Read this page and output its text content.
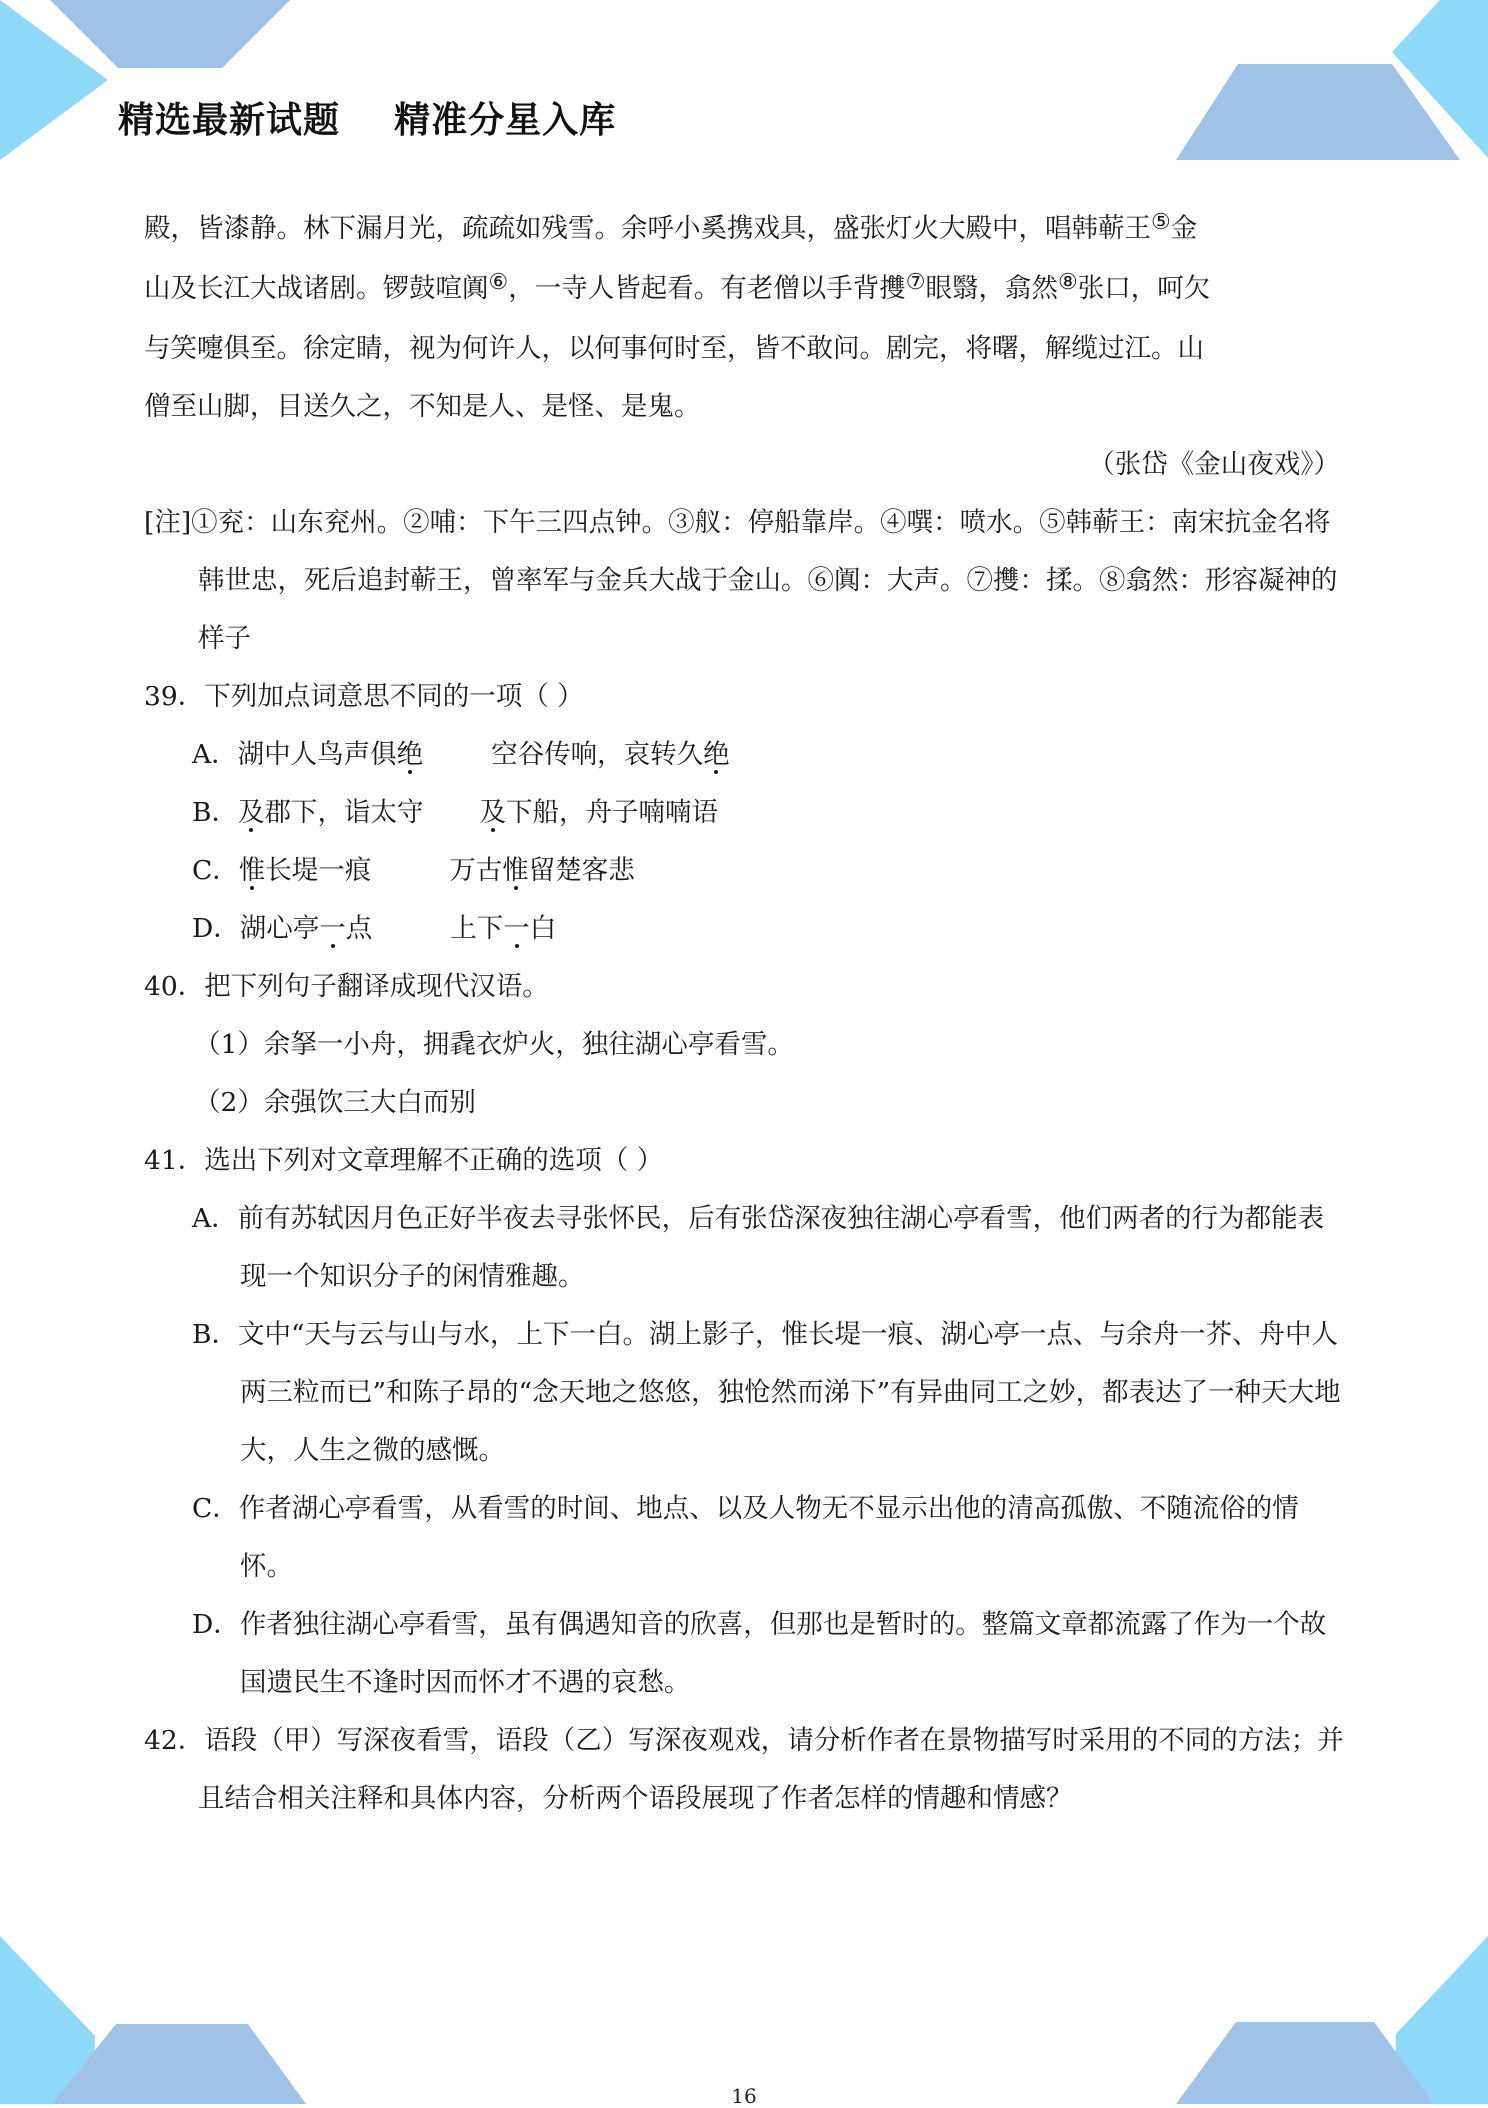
精选最新试题    精准分星入库

殿，皆漆静。林下漏月光，疏疏如残雪。余呼小奚携戏具，盛张灯火大殿中，唱韩蕲王⑤金

山及长江大战诸剧。锣鼓喧阗⑥，一寺人皆起看。有老僧以手背㩳⑦眼翳，翕然⑧张口，呵欠

与笑嚏俱至。徐定睛，视为何许人，以何事何时至，皆不敢问。剧完，将曙，解缆过江。山

僧至山脚，目送久之，不知是人、是怪、是鬼。

（张岱《金山夜戏》）

[注]①兖：山东兖州。②哺：下午三四点钟。③舣：停船靠岸。④噀：喷水。⑤韩蕲王：南宋抗金名将韩世忠，死后追封蕲王，曾率军与金兵大战于金山。⑥阗：大声。⑦㩳：揉。⑧翕然：形容凝神的样子

39．下列加点词意思不同的一项（ ）

A．湖中人鸟声俱绝	空谷传响，哀转久绝

B．及郡下，诣太守 及下船，舟子喃喃语

C．惟长堤一痕	万古惟留楚客悲

D．湖心亭一点	上下一白

40．把下列句子翻译成现代汉语。

（1）余拏一小舟，拥毳衣炉火，独往湖心亭看雪。

（2）余强饮三大白而别

41．选出下列对文章理解不正确的选项（ ）

A．前有苏轼因月色正好半夜去寻张怀民，后有张岱深夜独往湖心亭看雪，他们两者的行为都能表现一个知识分子的闲情雅趣。

B．文中“天与云与山与水，上下一白。湖上影子，惟长堤一痕、湖心亭一点、与余舟一芥、舟中人两三粒而已”和陈子昂的“念天地之悠悠，独怆然而涕下”有异曲同工之妙，都表达了一种天大地大，人生之微的感慨。

C．作者湖心亭看雪，从看雪的时间、地点、以及人物无不显示出他的清高孤傲、不随流俗的情怀。

D．作者独往湖心亭看雪，虽有偶遇知音的欣喜，但那也是暂时的。整篇文章都流露了作为一个故国遗民生不逢时因而怀才不遇的哀愁。

42．语段（甲）写深夜看雪，语段（乙）写深夜观戏，请分析作者在景物描写时采用的不同的方法；并且结合相关注释和具体内容，分析两个语段展现了作者怎样的情趣和情感？

16
